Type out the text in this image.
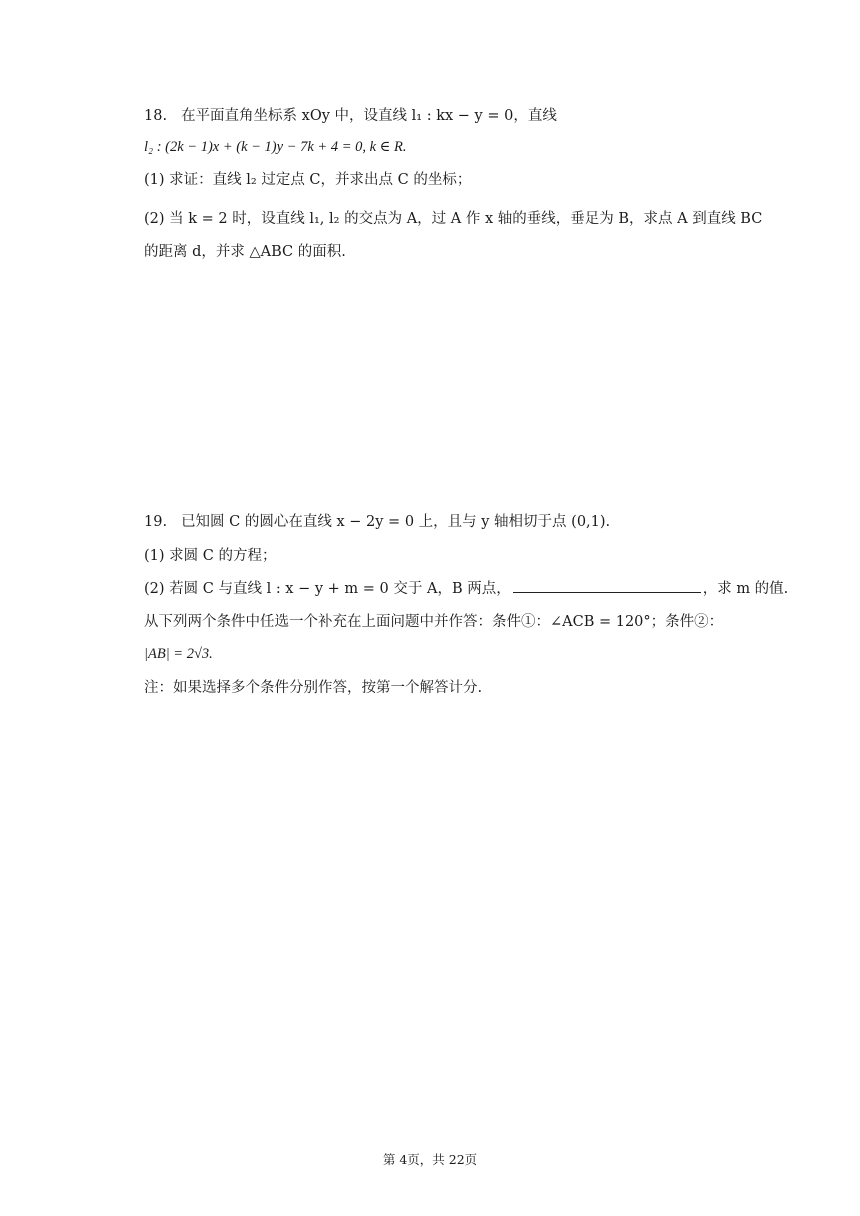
18. 在平面直角坐标系 xOy 中，设直线 l₁ : kx − y = 0，直线
l₂ : (2k − 1)x + (k − 1)y − 7k + 4 = 0, k ∈ R.
(1) 求证：直线 l₂ 过定点 C，并求出点 C 的坐标；
(2) 当 k = 2 时，设直线 l₁, l₂ 的交点为 A，过 A 作 x 轴的垂线，垂足为 B，求点 A 到直线 BC
的距离 d，并求 △ABC 的面积.
19. 已知圆 C 的圆心在直线 x − 2y = 0 上，且与 y 轴相切于点 (0,1).
(1) 求圆 C 的方程；
(2) 若圆 C 与直线 l : x − y + m = 0 交于 A，B 两点，	，求 m 的值.
从下列两个条件中任选一个补充在上面问题中并作答：条件①：∠ACB = 120°；条件②：
|AB| = 2√3.
注：如果选择多个条件分别作答，按第一个解答计分.
第 4页，共 22页
